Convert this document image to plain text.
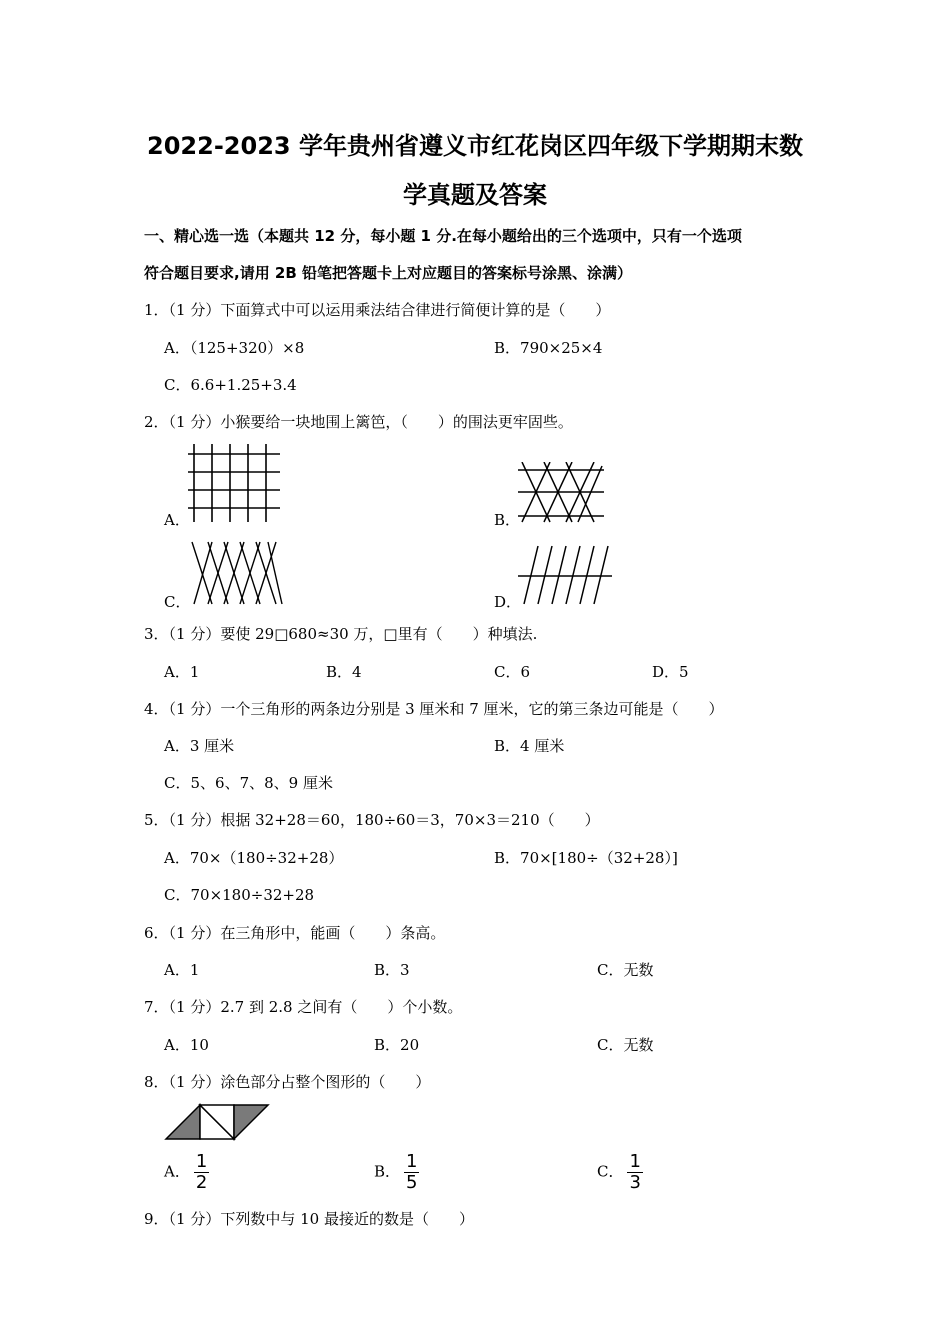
2022-2023 学年贵州省遵义市红花岗区四年级下学期期末数
学真题及答案
一、精心选一选（本题共 12 分，每小题 1 分.在每小题给出的三个选项中，只有一个选项
符合题目要求,请用 2B 铅笔把答题卡上对应题目的答案标号涂黑、涂满）
1．（1 分）下面算式中可以运用乘法结合律进行简便计算的是（　　）
A．（125+320）×8	B．790×25×4
C．6.6+1.25+3.4
2．（1 分）小猴要给一块地围上篱笆，（　　）的围法更牢固些。
A．	B．
C．	D．
3．（1 分）要使 29□680≈30 万，□里有（　　）种填法.
A．1	B．4	C．6	D．5
4．（1 分）一个三角形的两条边分别是 3 厘米和 7 厘米，它的第三条边可能是（　　）
A．3 厘米	B．4 厘米
C．5、6、7、8、9 厘米
5．（1 分）根据 32+28＝60，180÷60＝3，70×3＝210（　　）
A．70×（180÷32+28）	B．70×[180÷（32+28）]
C．70×180÷32+28
6．（1 分）在三角形中，能画（　　）条高。
A．1	B．3	C．无数
7．（1 分）2.7 到 2.8 之间有（　　）个小数。
A．10	B．20	C．无数
8．（1 分）涂色部分占整个图形的（　　）
A． $\frac{1}{2}$	B． $\frac{1}{5}$	C． $\frac{1}{3}$
9．（1 分）下列数中与 10 最接近的数是（　　）
